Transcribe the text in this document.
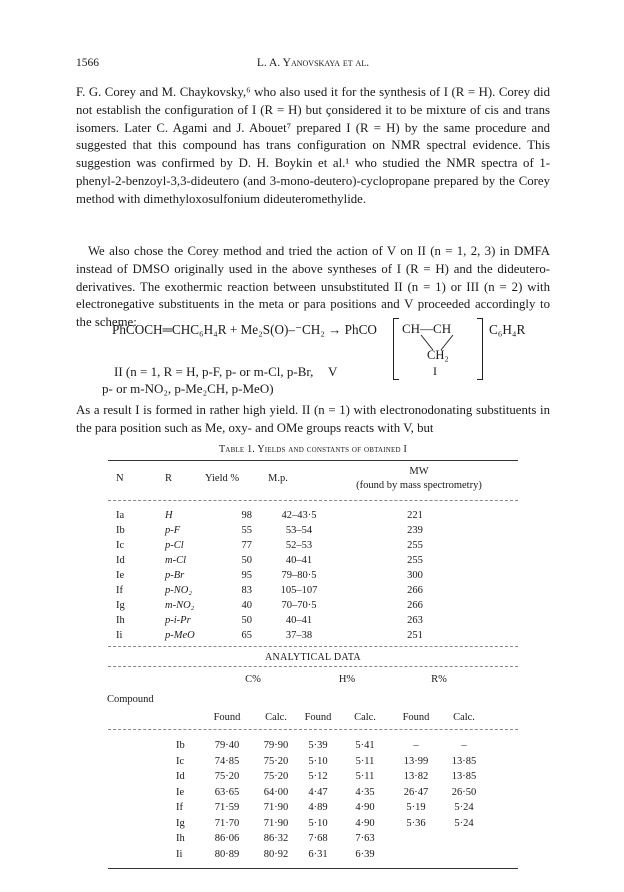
1566	L. A. Yanovskaya et al.
F. G. Corey and M. Chaykovsky,⁶ who also used it for the synthesis of I (R = H). Corey did not establish the configuration of I (R = H) but çonsidered it to be mixture of cis and trans isomers. Later C. Agami and J. Abouet⁷ prepared I (R = H) by the same procedure and suggested that this compound has trans configuration on NMR spectral evidence. This suggestion was confirmed by D. H. Boykin et al.¹ who studied the NMR spectra of 1-phenyl-2-benzoyl-3,3-dideutero (and 3-mono-deutero)-cyclopropane prepared by the Corey method with dimethyloxosulfonium dideuteromethylide.
We also chose the Corey method and tried the action of V on II (n = 1, 2, 3) in DMFA instead of DMSO originally used in the above syntheses of I (R = H) and the dideutero-derivatives. The exothermic reaction between unsubstituted II (n = 1) or III (n = 2) with electronegative substituents in the meta or para positions and V proceeded accordingly to the scheme:
PhCOCH═CHC₆H₄R + Me₂S(O)–⁻CH₂ → PhCO CH—CH
CH₂
I
C₆H₄R
V
II (n = 1, R = H, p-F, p- or m-Cl, p-Br,
p- or m-NO₂, p-Me₂CH, p-MeO)
As a result I is formed in rather high yield. II (n = 1) with electronodonating substituents in the para position such as Me, oxy- and OMe groups reacts with V, but
Table 1. Yields and constants of obtained I
N	R	Yield %	M.p.
MW
(found by mass spectrometry)
Ia	H	98	42–43·5	221
Ib	p-F	55	53–54	239
Ic	p-Cl	77	52–53	255
Id	m-Cl	50	40–41	255
Ie	p-Br	95	79–80·5	300
If	p-NO₂	83	105–107	266
Ig	m-NO₂	40	70–70·5	266
Ih	p-i-Pr	50	40–41	263
Ii	p-MeO	65	37–38	251
ANALYTICAL DATA
C%	H%	R%
Compound
Found	Calc.	Found	Calc.	Found	Calc.
Ib	79·40	79·90	5·39	5·41	–	–
Ic	74·85	75·20	5·10	5·11	13·99	13·85
Id	75·20	75·20	5·12	5·11	13·82	13·85
Ie	63·65	64·00	4·47	4·35	26·47	26·50
If	71·59	71·90	4·89	4·90	5·19	5·24
Ig	71·70	71·90	5·10	4·90	5·36	5·24
Ih	86·06	86·32	7·68	7·63
Ii	80·89	80·92	6·31	6·39
